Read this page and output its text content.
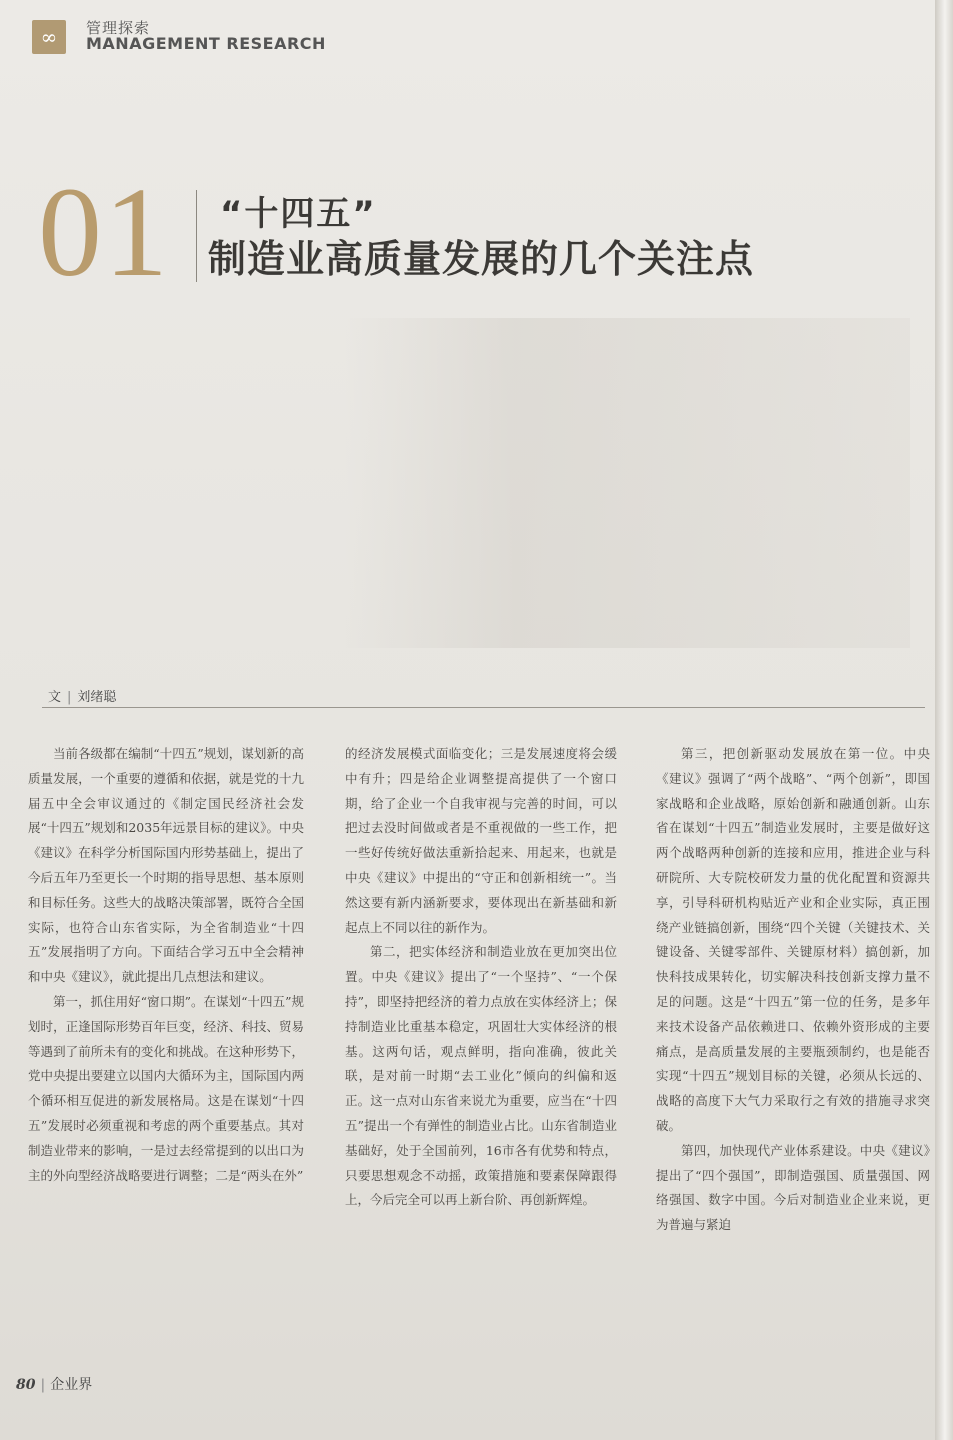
∞	管理探索
MANAGEMENT RESEARCH
01 “十四五”
制造业高质量发展的几个关注点
文 | 刘绪聪

当前各级都在编制“十四五”规划，谋划新的高质量发展，一个重要的遵循和依据，就是党的十九届五中全会审议通过的《制定国民经济社会发展“十四五”规划和2035年远景目标的建议》。中央《建议》在科学分析国际国内形势基础上，提出了今后五年乃至更长一个时期的指导思想、基本原则和目标任务。这些大的战略决策部署，既符合全国实际，也符合山东省实际，为全省制造业“十四五”发展指明了方向。下面结合学习五中全会精神和中央《建议》，就此提出几点想法和建议。

第一，抓住用好“窗口期”。在谋划“十四五”规划时，正逢国际形势百年巨变，经济、科技、贸易等遇到了前所未有的变化和挑战。在这种形势下，党中央提出要建立以国内大循环为主，国际国内两个循环相互促进的新发展格局。这是在谋划“十四五”发展时必须重视和考虑的两个重要基点。其对制造业带来的影响，一是过去经常提到的以出口为主的外向型经济战略要进行调整；二是“两头在外”

的经济发展模式面临变化；三是发展速度将会缓中有升；四是给企业调整提高提供了一个窗口期，给了企业一个自我审视与完善的时间，可以把过去没时间做或者是不重视做的一些工作，把一些好传统好做法重新拾起来、用起来，也就是中央《建议》中提出的“守正和创新相统一”。当然这要有新内涵新要求，要体现出在新基础和新起点上不同以往的新作为。

第二，把实体经济和制造业放在更加突出位置。中央《建议》提出了“一个坚持”、“一个保持”，即坚持把经济的着力点放在实体经济上；保持制造业比重基本稳定，巩固壮大实体经济的根基。这两句话，观点鲜明，指向准确，彼此关联，是对前一时期“去工业化”倾向的纠偏和返正。这一点对山东省来说尤为重要，应当在“十四五”提出一个有弹性的制造业占比。山东省制造业基础好，处于全国前列，16市各有优势和特点，只要思想观念不动摇，政策措施和要素保障跟得上，今后完全可以再上新台阶、再创新辉煌。

第三，把创新驱动发展放在第一位。中央《建议》强调了“两个战略”、“两个创新”，即国家战略和企业战略，原始创新和融通创新。山东省在谋划“十四五”制造业发展时，主要是做好这两个战略两种创新的连接和应用，推进企业与科研院所、大专院校研发力量的优化配置和资源共享，引导科研机构贴近产业和企业实际，真正围绕产业链搞创新，围绕“四个关键（关键技术、关键设备、关键零部件、关键原材料）搞创新，加快科技成果转化，切实解决科技创新支撑力量不足的问题。这是“十四五”第一位的任务，是多年来技术设备产品依赖进口、依赖外资形成的主要痛点，是高质量发展的主要瓶颈制约，也是能否实现“十四五”规划目标的关键，必须从长远的、战略的高度下大气力采取行之有效的措施寻求突破。

第四，加快现代产业体系建设。中央《建议》提出了“四个强国”，即制造强国、质量强国、网络强国、数字中国。今后对制造业企业来说，更为普遍与紧迫

80 | 企业界
